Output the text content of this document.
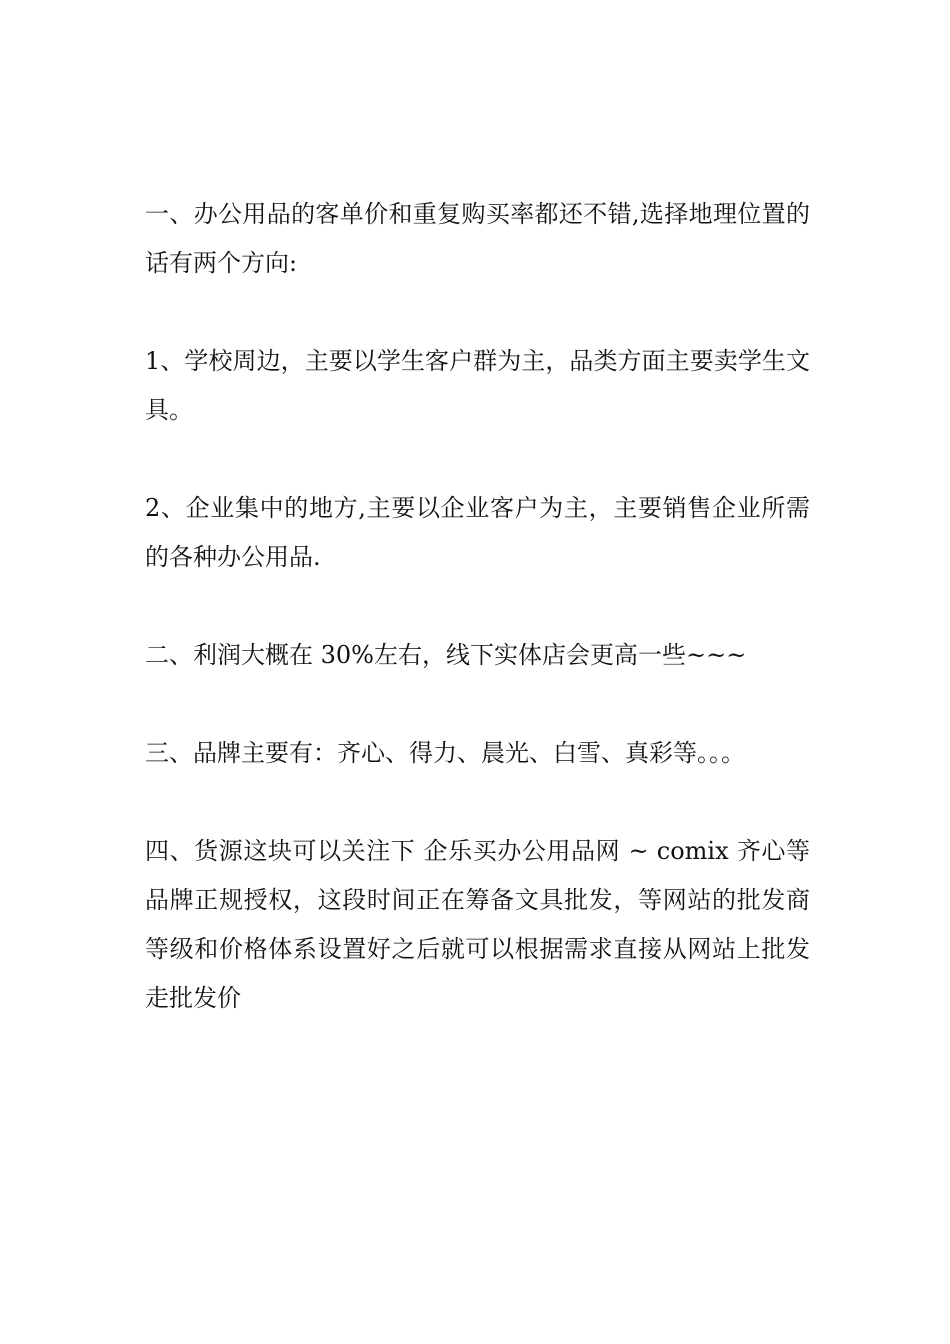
一、办公用品的客单价和重复购买率都还不错,选择地理位置的话有两个方向:

1、学校周边，主要以学生客户群为主，品类方面主要卖学生文具。

2、企业集中的地方,主要以企业客户为主，主要销售企业所需的各种办公用品.

二、利润大概在 30%左右，线下实体店会更高一些~~~

三、品牌主要有：齐心、得力、晨光、白雪、真彩等。。。

四、货源这块可以关注下 企乐买办公用品网 ~ comix 齐心等品牌正规授权，这段时间正在筹备文具批发，等网站的批发商等级和价格体系设置好之后就可以根据需求直接从网站上批发走批发价
